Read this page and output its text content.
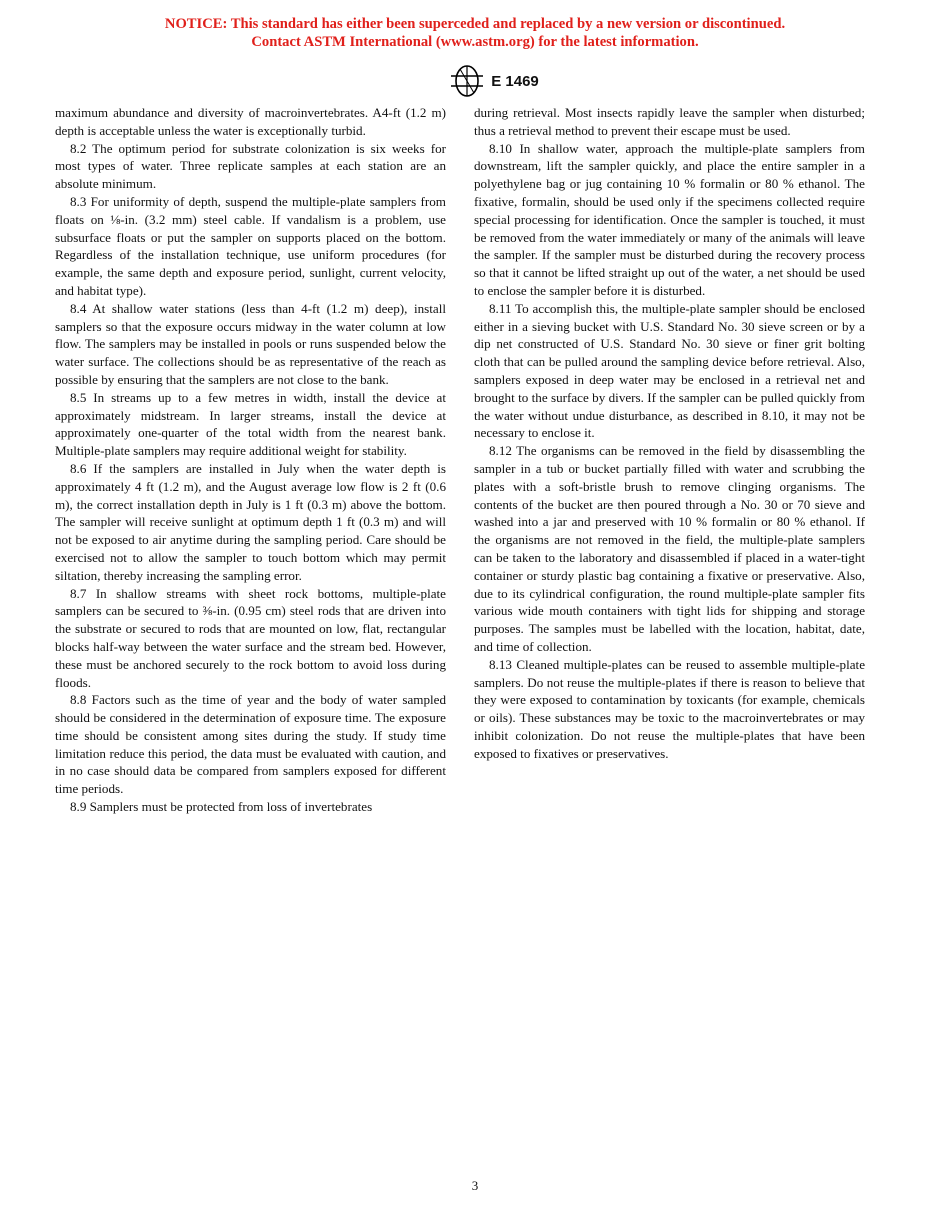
NOTICE: This standard has either been superceded and replaced by a new version or discontinued.
Contact ASTM International (www.astm.org) for the latest information.
E 1469

maximum abundance and diversity of macroinvertebrates. A4-ft (1.2 m) depth is acceptable unless the water is exceptionally turbid.

8.2 The optimum period for substrate colonization is six weeks for most types of water. Three replicate samples at each station are an absolute minimum.

8.3 For uniformity of depth, suspend the multiple-plate samplers from floats on ⅛-in. (3.2 mm) steel cable. If vandalism is a problem, use subsurface floats or put the sampler on supports placed on the bottom. Regardless of the installation technique, use uniform procedures (for example, the same depth and exposure period, sunlight, current velocity, and habitat type).

8.4 At shallow water stations (less than 4-ft (1.2 m) deep), install samplers so that the exposure occurs midway in the water column at low flow. The samplers may be installed in pools or runs suspended below the water surface. The collections should be as representative of the reach as possible by ensuring that the samplers are not close to the bank.

8.5 In streams up to a few metres in width, install the device at approximately midstream. In larger streams, install the device at approximately one-quarter of the total width from the nearest bank. Multiple-plate samplers may require additional weight for stability.

8.6 If the samplers are installed in July when the water depth is approximately 4 ft (1.2 m), and the August average low flow is 2 ft (0.6 m), the correct installation depth in July is 1 ft (0.3 m) above the bottom. The sampler will receive sunlight at optimum depth 1 ft (0.3 m) and will not be exposed to air anytime during the sampling period. Care should be exercised not to allow the sampler to touch bottom which may permit siltation, thereby increasing the sampling error.

8.7 In shallow streams with sheet rock bottoms, multiple-plate samplers can be secured to ⅜-in. (0.95 cm) steel rods that are driven into the substrate or secured to rods that are mounted on low, flat, rectangular blocks half-way between the water surface and the stream bed. However, these must be anchored securely to the rock bottom to avoid loss during floods.

8.8 Factors such as the time of year and the body of water sampled should be considered in the determination of exposure time. The exposure time should be consistent among sites during the study. If study time limitation reduce this period, the data must be evaluated with caution, and in no case should data be compared from samplers exposed for different time periods.

8.9 Samplers must be protected from loss of invertebrates

during retrieval. Most insects rapidly leave the sampler when disturbed; thus a retrieval method to prevent their escape must be used.

8.10 In shallow water, approach the multiple-plate samplers from downstream, lift the sampler quickly, and place the entire sampler in a polyethylene bag or jug containing 10 % formalin or 80 % ethanol. The fixative, formalin, should be used only if the specimens collected require special processing for identification. Once the sampler is touched, it must be removed from the water immediately or many of the animals will leave the sampler. If the sampler must be disturbed during the recovery process so that it cannot be lifted straight up out of the water, a net should be used to enclose the sampler before it is disturbed.

8.11 To accomplish this, the multiple-plate sampler should be enclosed either in a sieving bucket with U.S. Standard No. 30 sieve screen or by a dip net constructed of U.S. Standard No. 30 sieve or finer grit bolting cloth that can be pulled around the sampling device before retrieval. Also, samplers exposed in deep water may be enclosed in a retrieval net and brought to the surface by divers. If the sampler can be pulled quickly from the water without undue disturbance, as described in 8.10, it may not be necessary to enclose it.

8.12 The organisms can be removed in the field by disassembling the sampler in a tub or bucket partially filled with water and scrubbing the plates with a soft-bristle brush to remove clinging organisms. The contents of the bucket are then poured through a No. 30 or 70 sieve and washed into a jar and preserved with 10 % formalin or 80 % ethanol. If the organisms are not removed in the field, the multiple-plate samplers can be taken to the laboratory and disassembled if placed in a water-tight container or sturdy plastic bag containing a fixative or preservative. Also, due to its cylindrical configuration, the round multiple-plate sampler fits various wide mouth containers with tight lids for shipping and storage purposes. The samples must be labelled with the location, habitat, date, and time of collection.

8.13 Cleaned multiple-plates can be reused to assemble multiple-plate samplers. Do not reuse the multiple-plates if there is reason to believe that they were exposed to contamination by toxicants (for example, chemicals or oils). These substances may be toxic to the macroinvertebrates or may inhibit colonization. Do not reuse the multiple-plates that have been exposed to fixatives or preservatives.

3
